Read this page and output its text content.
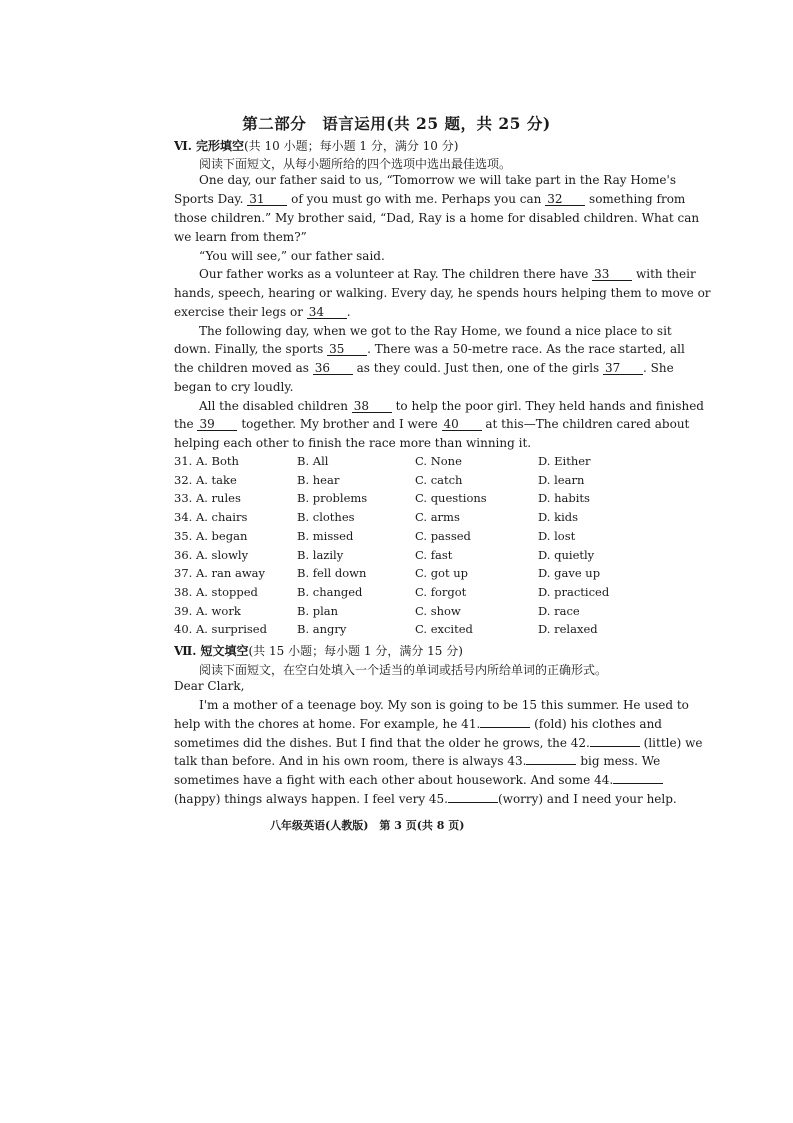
第二部分　语言运用(共 25 题，共 25 分)
Ⅵ. 完形填空(共 10 小题；每小题 1 分，满分 10 分)
阅读下面短文，从每小题所给的四个选项中选出最佳选项。
One day, our father said to us, “Tomorrow we will take part in the Ray Home's
Sports Day. 31 of you must go with me. Perhaps you can 32 something from
those children.” My brother said, “Dad, Ray is a home for disabled children. What can
we learn from them?”
“You will see,” our father said.
Our father works as a volunteer at Ray. The children there have 33 with their
hands, speech, hearing or walking. Every day, he spends hours helping them to move or
exercise their legs or 34 .
The following day, when we got to the Ray Home, we found a nice place to sit
down. Finally, the sports 35 . There was a 50-metre race. As the race started, all
the children moved as 36 as they could. Just then, one of the girls 37 . She
began to cry loudly.
All the disabled children 38 to help the poor girl. They held hands and finished
the 39 together. My brother and I were 40 at this—The children cared about
helping each other to finish the race more than winning it.
31. A. Both	B. All	C. None	D. Either
32. A. take	B. hear	C. catch	D. learn
33. A. rules	B. problems	C. questions	D. habits
34. A. chairs	B. clothes	C. arms	D. kids
35. A. began	B. missed	C. passed	D. lost
36. A. slowly	B. lazily	C. fast	D. quietly
37. A. ran away	B. fell down	C. got up	D. gave up
38. A. stopped	B. changed	C. forgot	D. practiced
39. A. work	B. plan	C. show	D. race
40. A. surprised	B. angry	C. excited	D. relaxed
Ⅶ. 短文填空(共 15 小题；每小题 1 分，满分 15 分)
阅读下面短文，在空白处填入一个适当的单词或括号内所给单词的正确形式。
Dear Clark,
I'm a mother of a teenage boy. My son is going to be 15 this summer. He used to
help with the chores at home. For example, he 41.	(fold) his clothes and
sometimes did the dishes. But I find that the older he grows, the 42.	(little) we
talk than before. And in his own room, there is always 43.	big mess. We
sometimes have a fight with each other about housework. And some 44.
(happy) things always happen. I feel very 45.	(worry) and I need your help.
八年级英语(人教版)　第 3 页(共 8 页)
